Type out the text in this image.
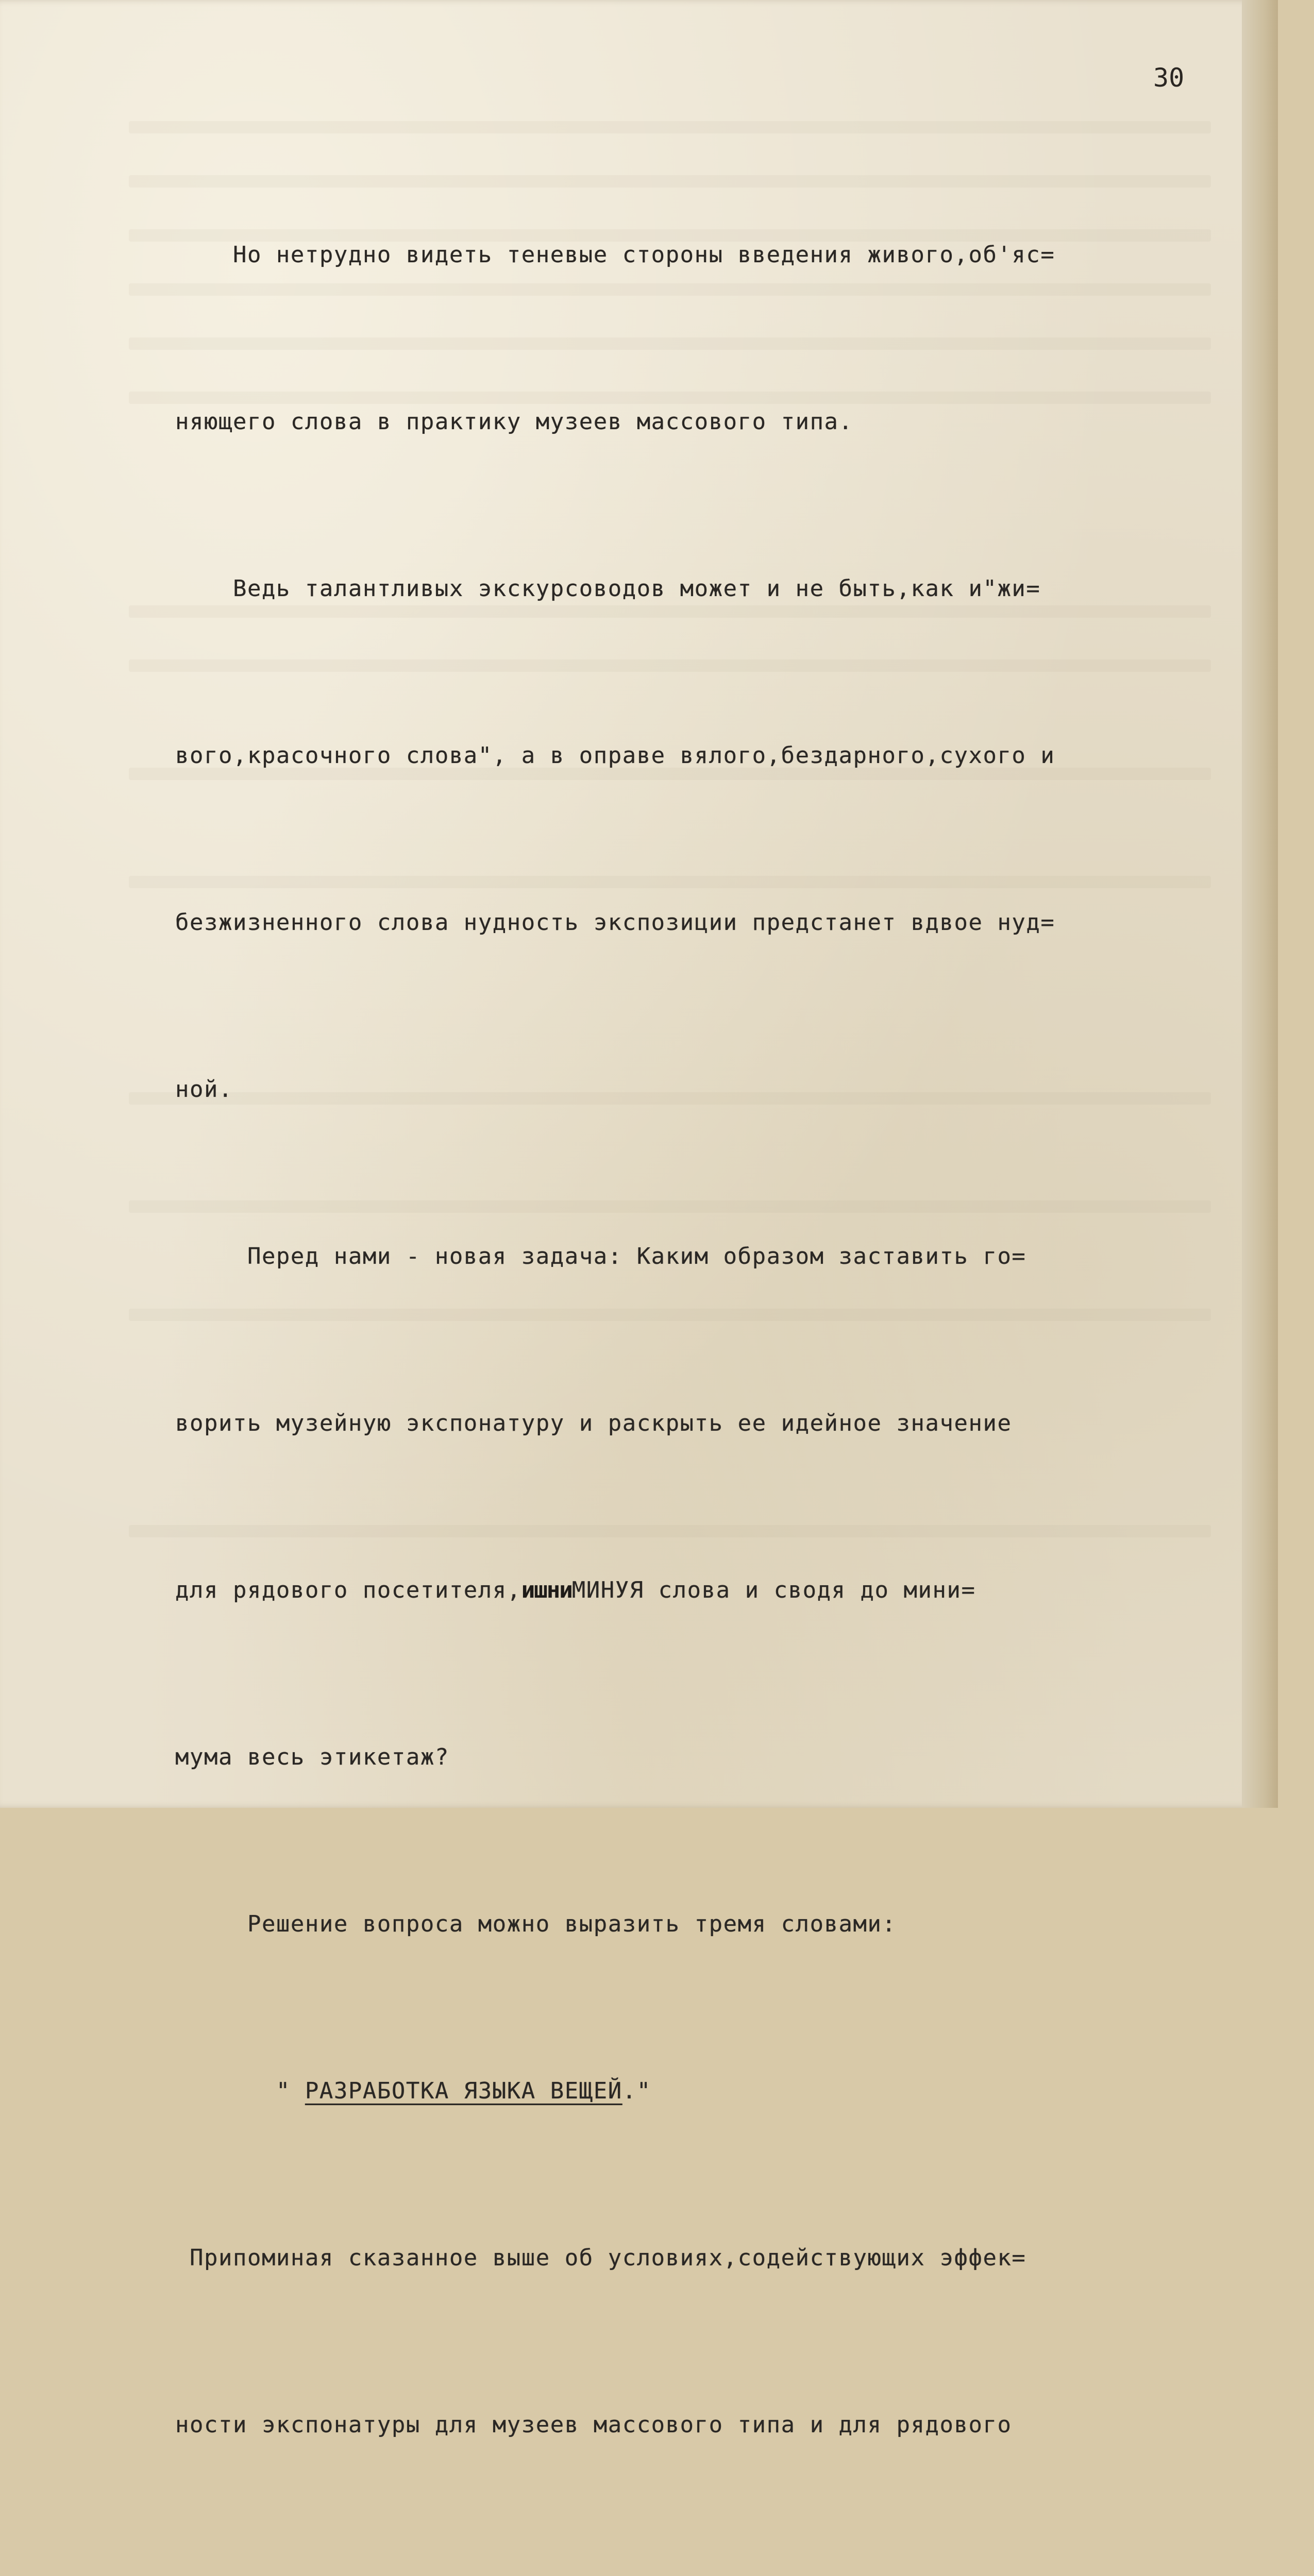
30

Но нетрудно видеть теневые стороны введения живого,об'яс=

няющего слова в практику музеев массового типа.

Ведь талантливых экскурсоводов может и не быть,как и"жи=

вого,красочного слова", а в оправе вялого,бездарного,сухого и

безжизненного слова нудность экспозиции предстанет вдвое нуд=

ной.

Перед нами - новая задача: Каким образом заставить го=

ворить музейную экспонатуру и раскрыть ее идейное значение

для рядового посетителя,ишниМИНУЯ слова и сводя до мини=

мума весь этикетаж?

Решение вопроса можно выразить тремя словами:

" РАЗРАБОТКА ЯЗЫКА ВЕЩЕЙ."

Припоминая сказанное выше об условиях,содействующих эффек=

ности экспонатуры для музеев массового типа и для рядового
